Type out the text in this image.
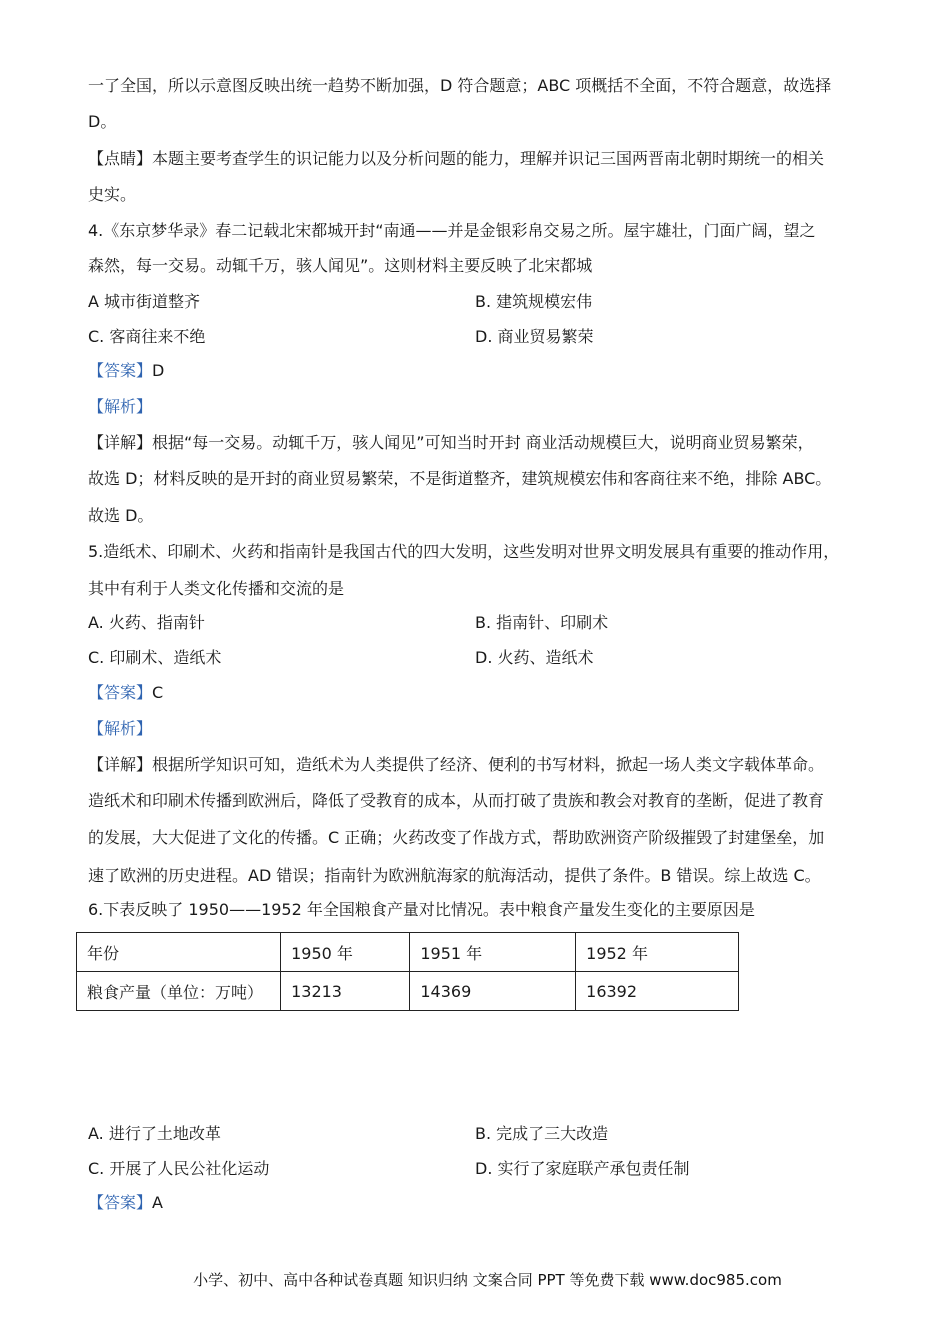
一了全国，所以示意图反映出统一趋势不断加强，D 符合题意；ABC 项概括不全面，不符合题意，故选择
D。
【点睛】本题主要考查学生的识记能力以及分析问题的能力，理解并识记三国两晋南北朝时期统一的相关
史实。
4.《东京梦华录》春二记载北宋都城开封“南通——并是金银彩帛交易之所。屋宇雄壮，门面广阔，望之
森然，每一交易。动辄千万，骇人闻见”。这则材料主要反映了北宋都城
A 城市街道整齐	B. 建筑规模宏伟
C. 客商往来不绝	D. 商业贸易繁荣
【答案】D
【解析】
【详解】根据“每一交易。动辄千万，骇人闻见”可知当时开封 商业活动规模巨大，说明商业贸易繁荣，
故选 D；材料反映的是开封的商业贸易繁荣，不是街道整齐，建筑规模宏伟和客商往来不绝，排除 ABC。
故选 D。
5.造纸术、印刷术、火药和指南针是我国古代的四大发明，这些发明对世界文明发展具有重要的推动作用，
其中有利于人类文化传播和交流的是
A. 火药、指南针	B. 指南针、印刷术
C. 印刷术、造纸术	D. 火药、造纸术
【答案】C
【解析】
【详解】根据所学知识可知，造纸术为人类提供了经济、便利的书写材料，掀起一场人类文字载体革命。
造纸术和印刷术传播到欧洲后，降低了受教育的成本，从而打破了贵族和教会对教育的垄断，促进了教育
的发展，大大促进了文化的传播。C 正确；火药改变了作战方式，帮助欧洲资产阶级摧毁了封建堡垒，加
速了欧洲的历史进程。AD 错误；指南针为欧洲航海家的航海活动，提供了条件。B 错误。综上故选 C。
6.下表反映了 1950——1952 年全国粮食产量对比情况。表中粮食产量发生变化的主要原因是
年份	1950 年	1951 年	1952 年
粮食产量（单位：万吨）	13213	14369	16392
A. 进行了土地改革	B. 完成了三大改造
C. 开展了人民公社化运动	D. 实行了家庭联产承包责任制
【答案】A
小学、初中、高中各种试卷真题 知识归纳 文案合同 PPT 等免费下载 www.doc985.com
